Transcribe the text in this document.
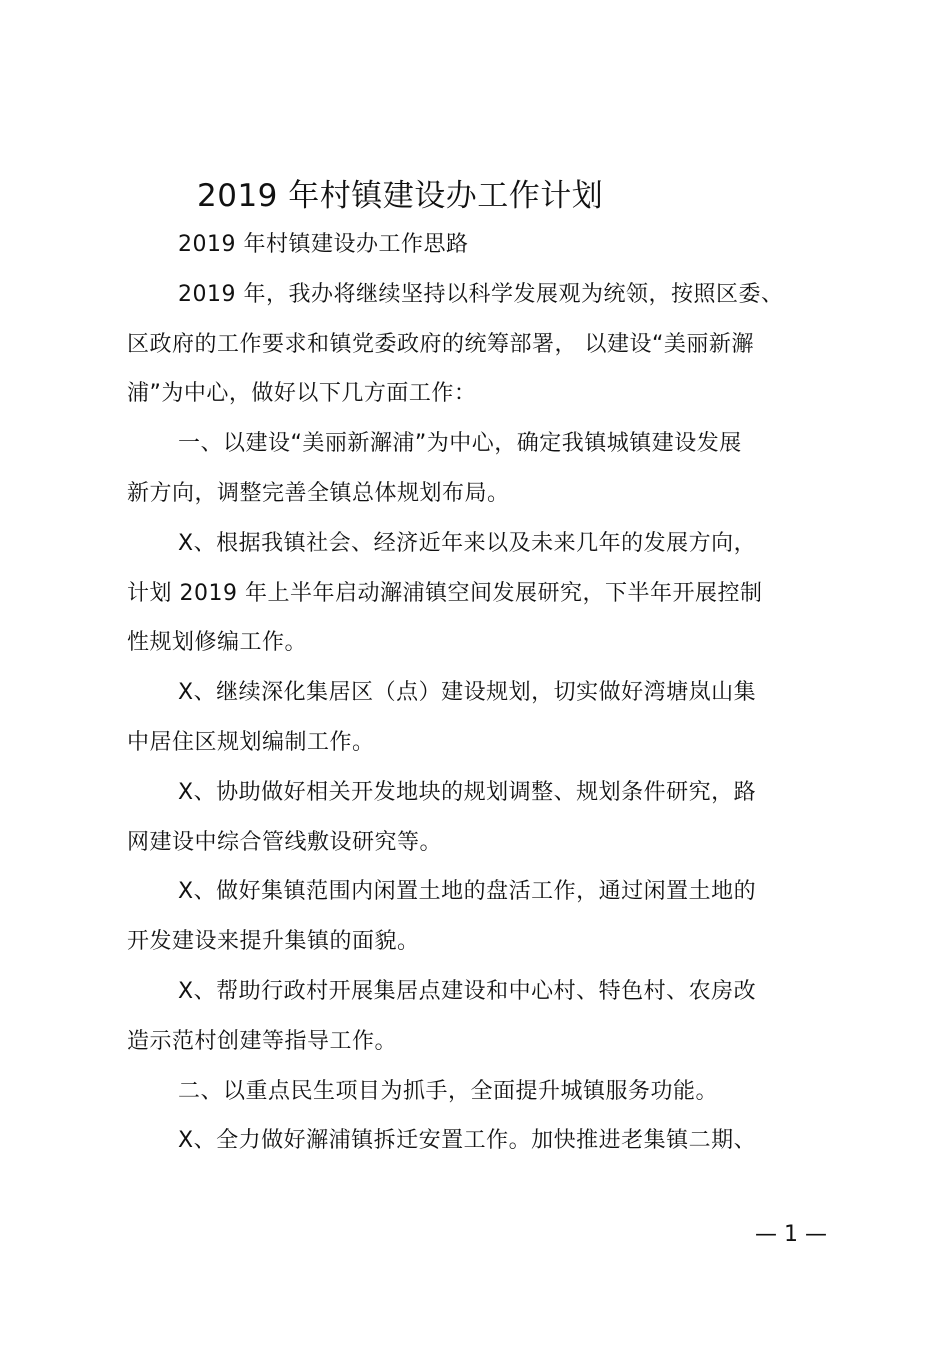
2019 年村镇建设办工作计划
2019 年村镇建设办工作思路
2019 年，我办将继续坚持以科学发展观为统领，按照区委、
区政府的工作要求和镇党委政府的统筹部署， 以建设“美丽新澥
浦”为中心，做好以下几方面工作：
一、以建设“美丽新澥浦”为中心，确定我镇城镇建设发展
新方向，调整完善全镇总体规划布局。
X、根据我镇社会、经济近年来以及未来几年的发展方向，
计划 2019 年上半年启动澥浦镇空间发展研究，下半年开展控制
性规划修编工作。
X、继续深化集居区（点）建设规划，切实做好湾塘岚山集
中居住区规划编制工作。
X、协助做好相关开发地块的规划调整、规划条件研究，路
网建设中综合管线敷设研究等。
X、做好集镇范围内闲置土地的盘活工作，通过闲置土地的
开发建设来提升集镇的面貌。
X、帮助行政村开展集居点建设和中心村、特色村、农房改
造示范村创建等指导工作。
二、以重点民生项目为抓手，全面提升城镇服务功能。
X、全力做好澥浦镇拆迁安置工作。加快推进老集镇二期、
— 1 —
